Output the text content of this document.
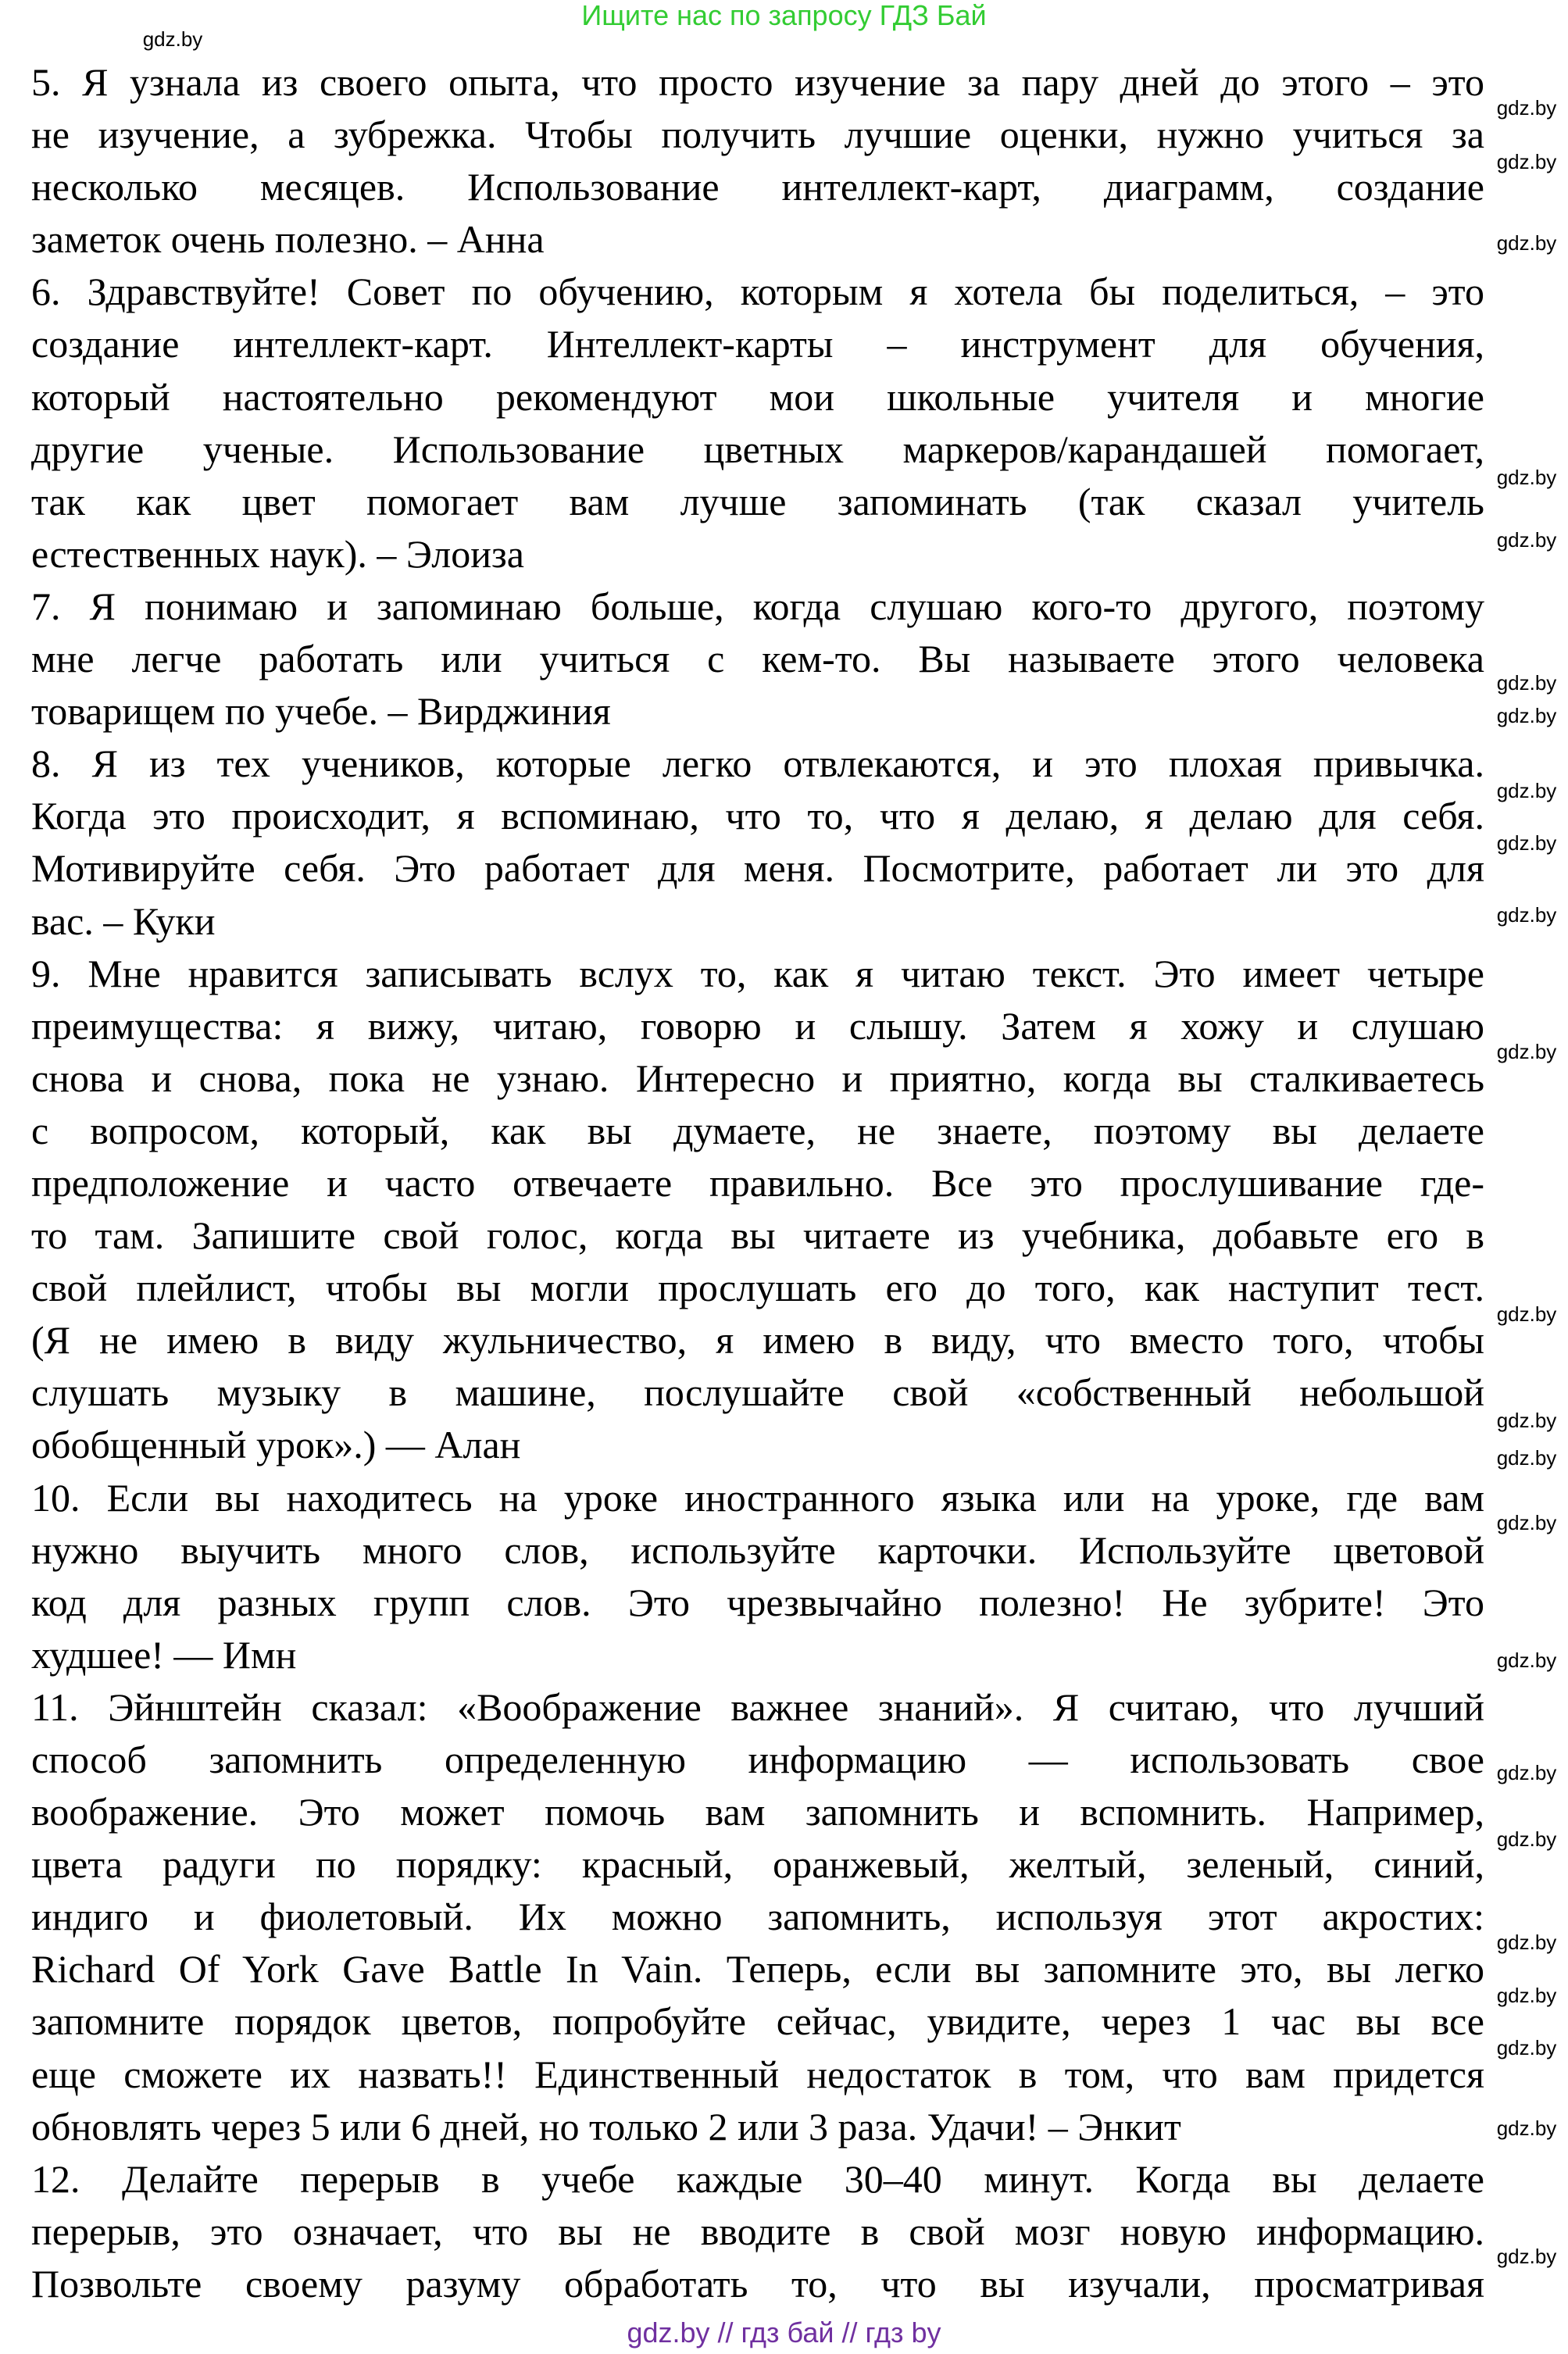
Ищите нас по запросу ГДЗ Бай
5. Я узнала из своего опыта, что просто изучение за пару дней до этого – это
не изучение, а зубрежка. Чтобы получить лучшие оценки, нужно учиться за
несколько месяцев. Использование интеллект-карт, диаграмм, создание
заметок очень полезно. – Анна
6. Здравствуйте! Совет по обучению, которым я хотела бы поделиться, – это
создание интеллект-карт. Интеллект-карты – инструмент для обучения,
который настоятельно рекомендуют мои школьные учителя и многие
другие ученые. Использование цветных маркеров/карандашей помогает,
так как цвет помогает вам лучше запоминать (так сказал учитель
естественных наук). – Элоиза
7. Я понимаю и запоминаю больше, когда слушаю кого-то другого, поэтому
мне легче работать или учиться с кем-то. Вы называете этого человека
товарищем по учебе. – Вирджиния
8. Я из тех учеников, которые легко отвлекаются, и это плохая привычка.
Когда это происходит, я вспоминаю, что то, что я делаю, я делаю для себя.
Мотивируйте себя. Это работает для меня. Посмотрите, работает ли это для
вас. – Куки
9. Мне нравится записывать вслух то, как я читаю текст. Это имеет четыре
преимущества: я вижу, читаю, говорю и слышу. Затем я хожу и слушаю
снова и снова, пока не узнаю. Интересно и приятно, когда вы сталкиваетесь
с вопросом, который, как вы думаете, не знаете, поэтому вы делаете
предположение и часто отвечаете правильно. Все это прослушивание где-
то там. Запишите свой голос, когда вы читаете из учебника, добавьте его в
свой плейлист, чтобы вы могли прослушать его до того, как наступит тест.
(Я не имею в виду жульничество, я имею в виду, что вместо того, чтобы
слушать музыку в машине, послушайте свой «собственный небольшой
обобщенный урок».) — Алан
10. Если вы находитесь на уроке иностранного языка или на уроке, где вам
нужно выучить много слов, используйте карточки. Используйте цветовой
код для разных групп слов. Это чрезвычайно полезно! Не зубрите! Это
худшее! — Имн
11. Эйнштейн сказал: «Воображение важнее знаний». Я считаю, что лучший
способ запомнить определенную информацию — использовать свое
воображение. Это может помочь вам запомнить и вспомнить. Например,
цвета радуги по порядку: красный, оранжевый, желтый, зеленый, синий,
индиго и фиолетовый. Их можно запомнить, используя этот акростих:
Richard Of York Gave Battle In Vain. Теперь, если вы запомните это, вы легко
запомните порядок цветов, попробуйте сейчас, увидите, через 1 час вы все
еще сможете их назвать!! Единственный недостаток в том, что вам придется
обновлять через 5 или 6 дней, но только 2 или 3 раза. Удачи! – Энкит
12. Делайте перерыв в учебе каждые 30–40 минут. Когда вы делаете
перерыв, это означает, что вы не вводите в свой мозг новую информацию.
Позвольте своему разуму обработать то, что вы изучали, просматривая
gdz.by
gdz.by
gdz.by
gdz.by
gdz.by
gdz.by
gdz.by
gdz.by
gdz.by
gdz.by
gdz.by
gdz.by
gdz.by
gdz.by
gdz.by
gdz.by
gdz.by
gdz.by
gdz.by
gdz.by
gdz.by
gdz.by
gdz.by
gdz.by
gdz.by // гдз бай // гдз by
